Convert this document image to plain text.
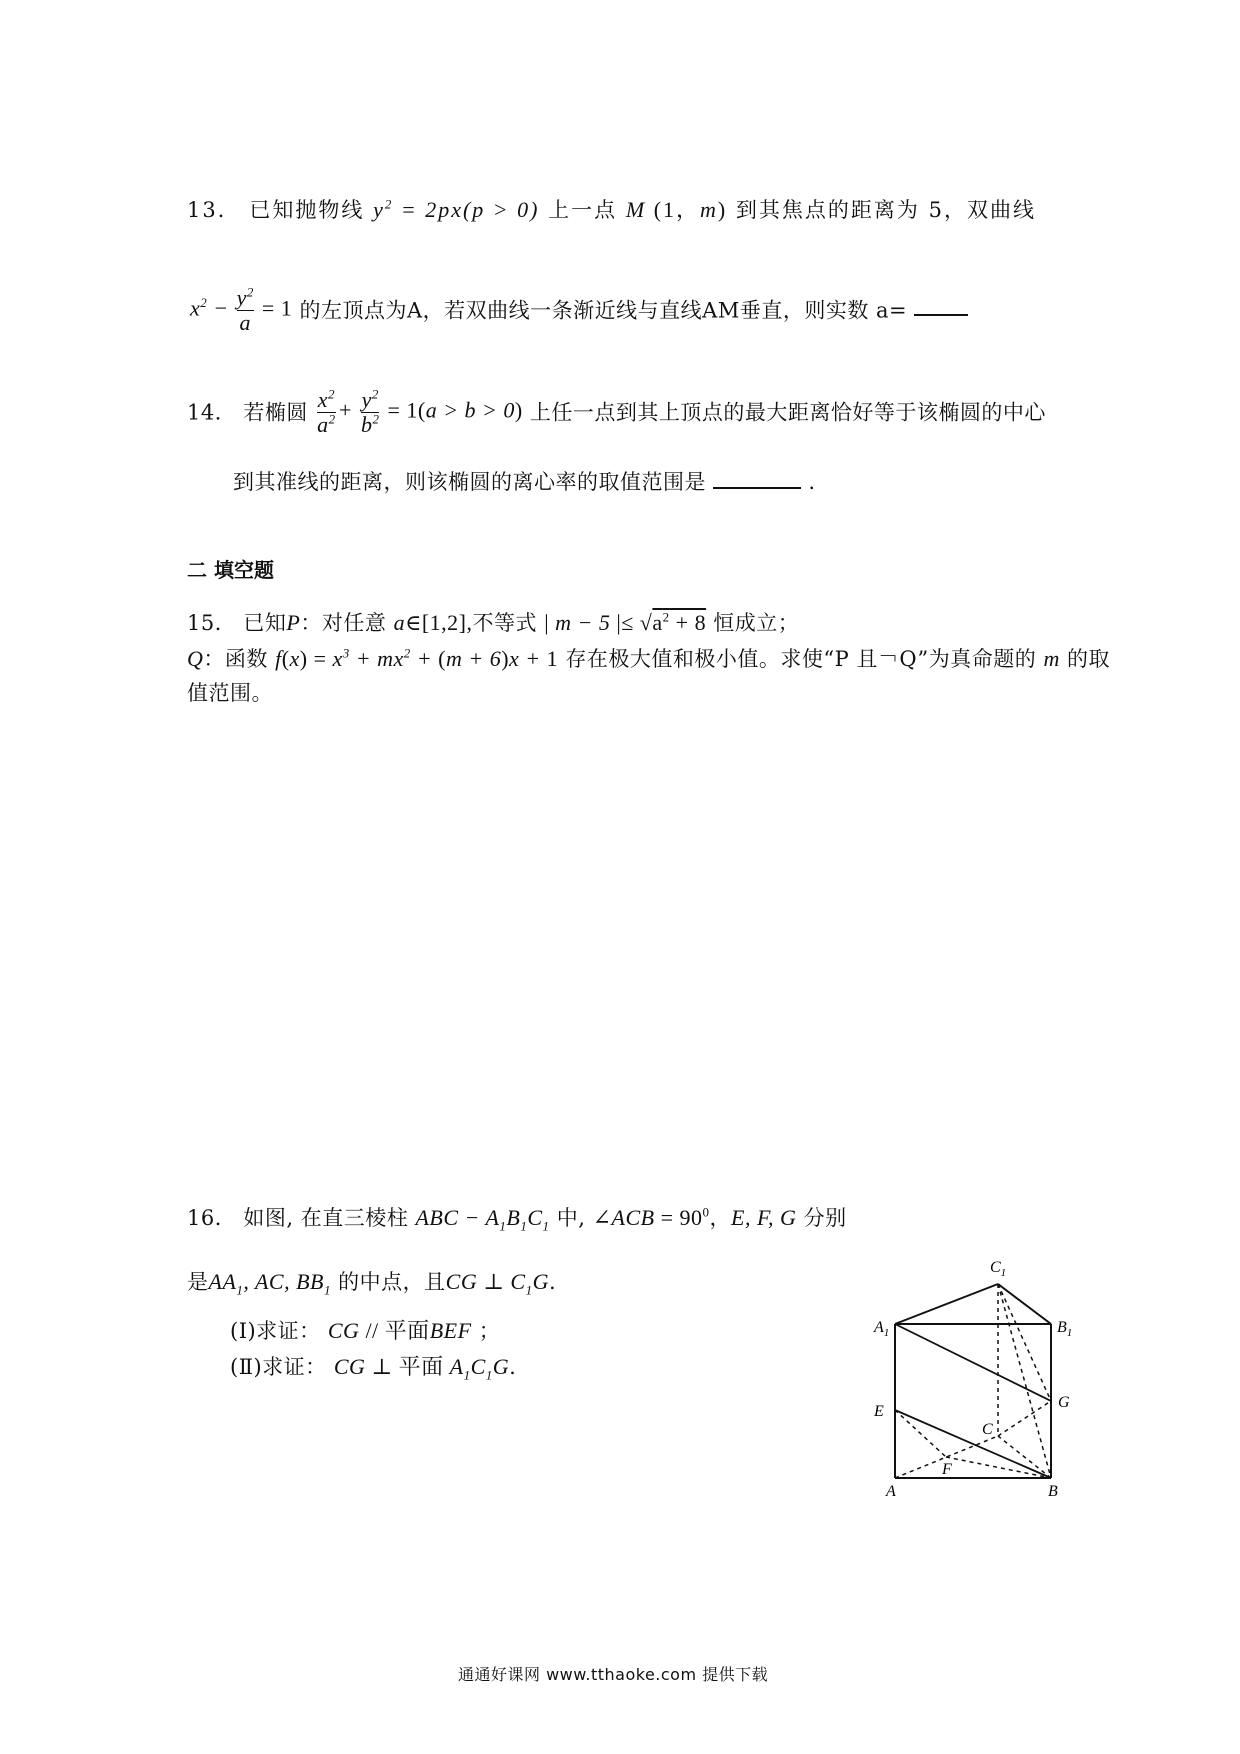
13． 已知抛物线 $y^2 = 2px(p > 0)$ 上一点 M (1，m) 到其焦点的距离为 5，双曲线
$x^2 - \frac{y^2}{a} = 1$ 的左顶点为A，若双曲线一条渐近线与直线AM垂直，则实数 a=
14． 若椭圆 $\frac{x^2}{a^2} + \frac{y^2}{b^2} = 1(a > b > 0)$ 上任一点到其上顶点的最大距离恰好等于该椭圆的中心
到其准线的距离，则该椭圆的离心率的取值范围是	.
二 填空题
15． 已知P：对任意 a∈[1,2],不等式 | m − 5 |≤ $√a^2 + 8$ 恒成立；
Q：函数 $f(x) = x^3 + mx^2 + (m + 6)x + 1$ 存在极大值和极小值。求使“P 且￢Q”为真命题的 m 的取
值范围。
16． 如图, 在直三棱柱 ABC − $A_1B_1C_1$ 中, ∠ACB = $90^0$，E, F, G 分别
是$AA_1$, AC, $BB_1$ 的中点，且CG ⊥ $C_1G$.
(Ⅰ)求证： CG // 平面BEF ；
(Ⅱ)求证： CG ⊥ 平面 $A_1C_1G$.
$C_1$
$A_1$	$B_1$
E
G
C
F
A	B
通通好课网 www.tthaoke.com 提供下载
